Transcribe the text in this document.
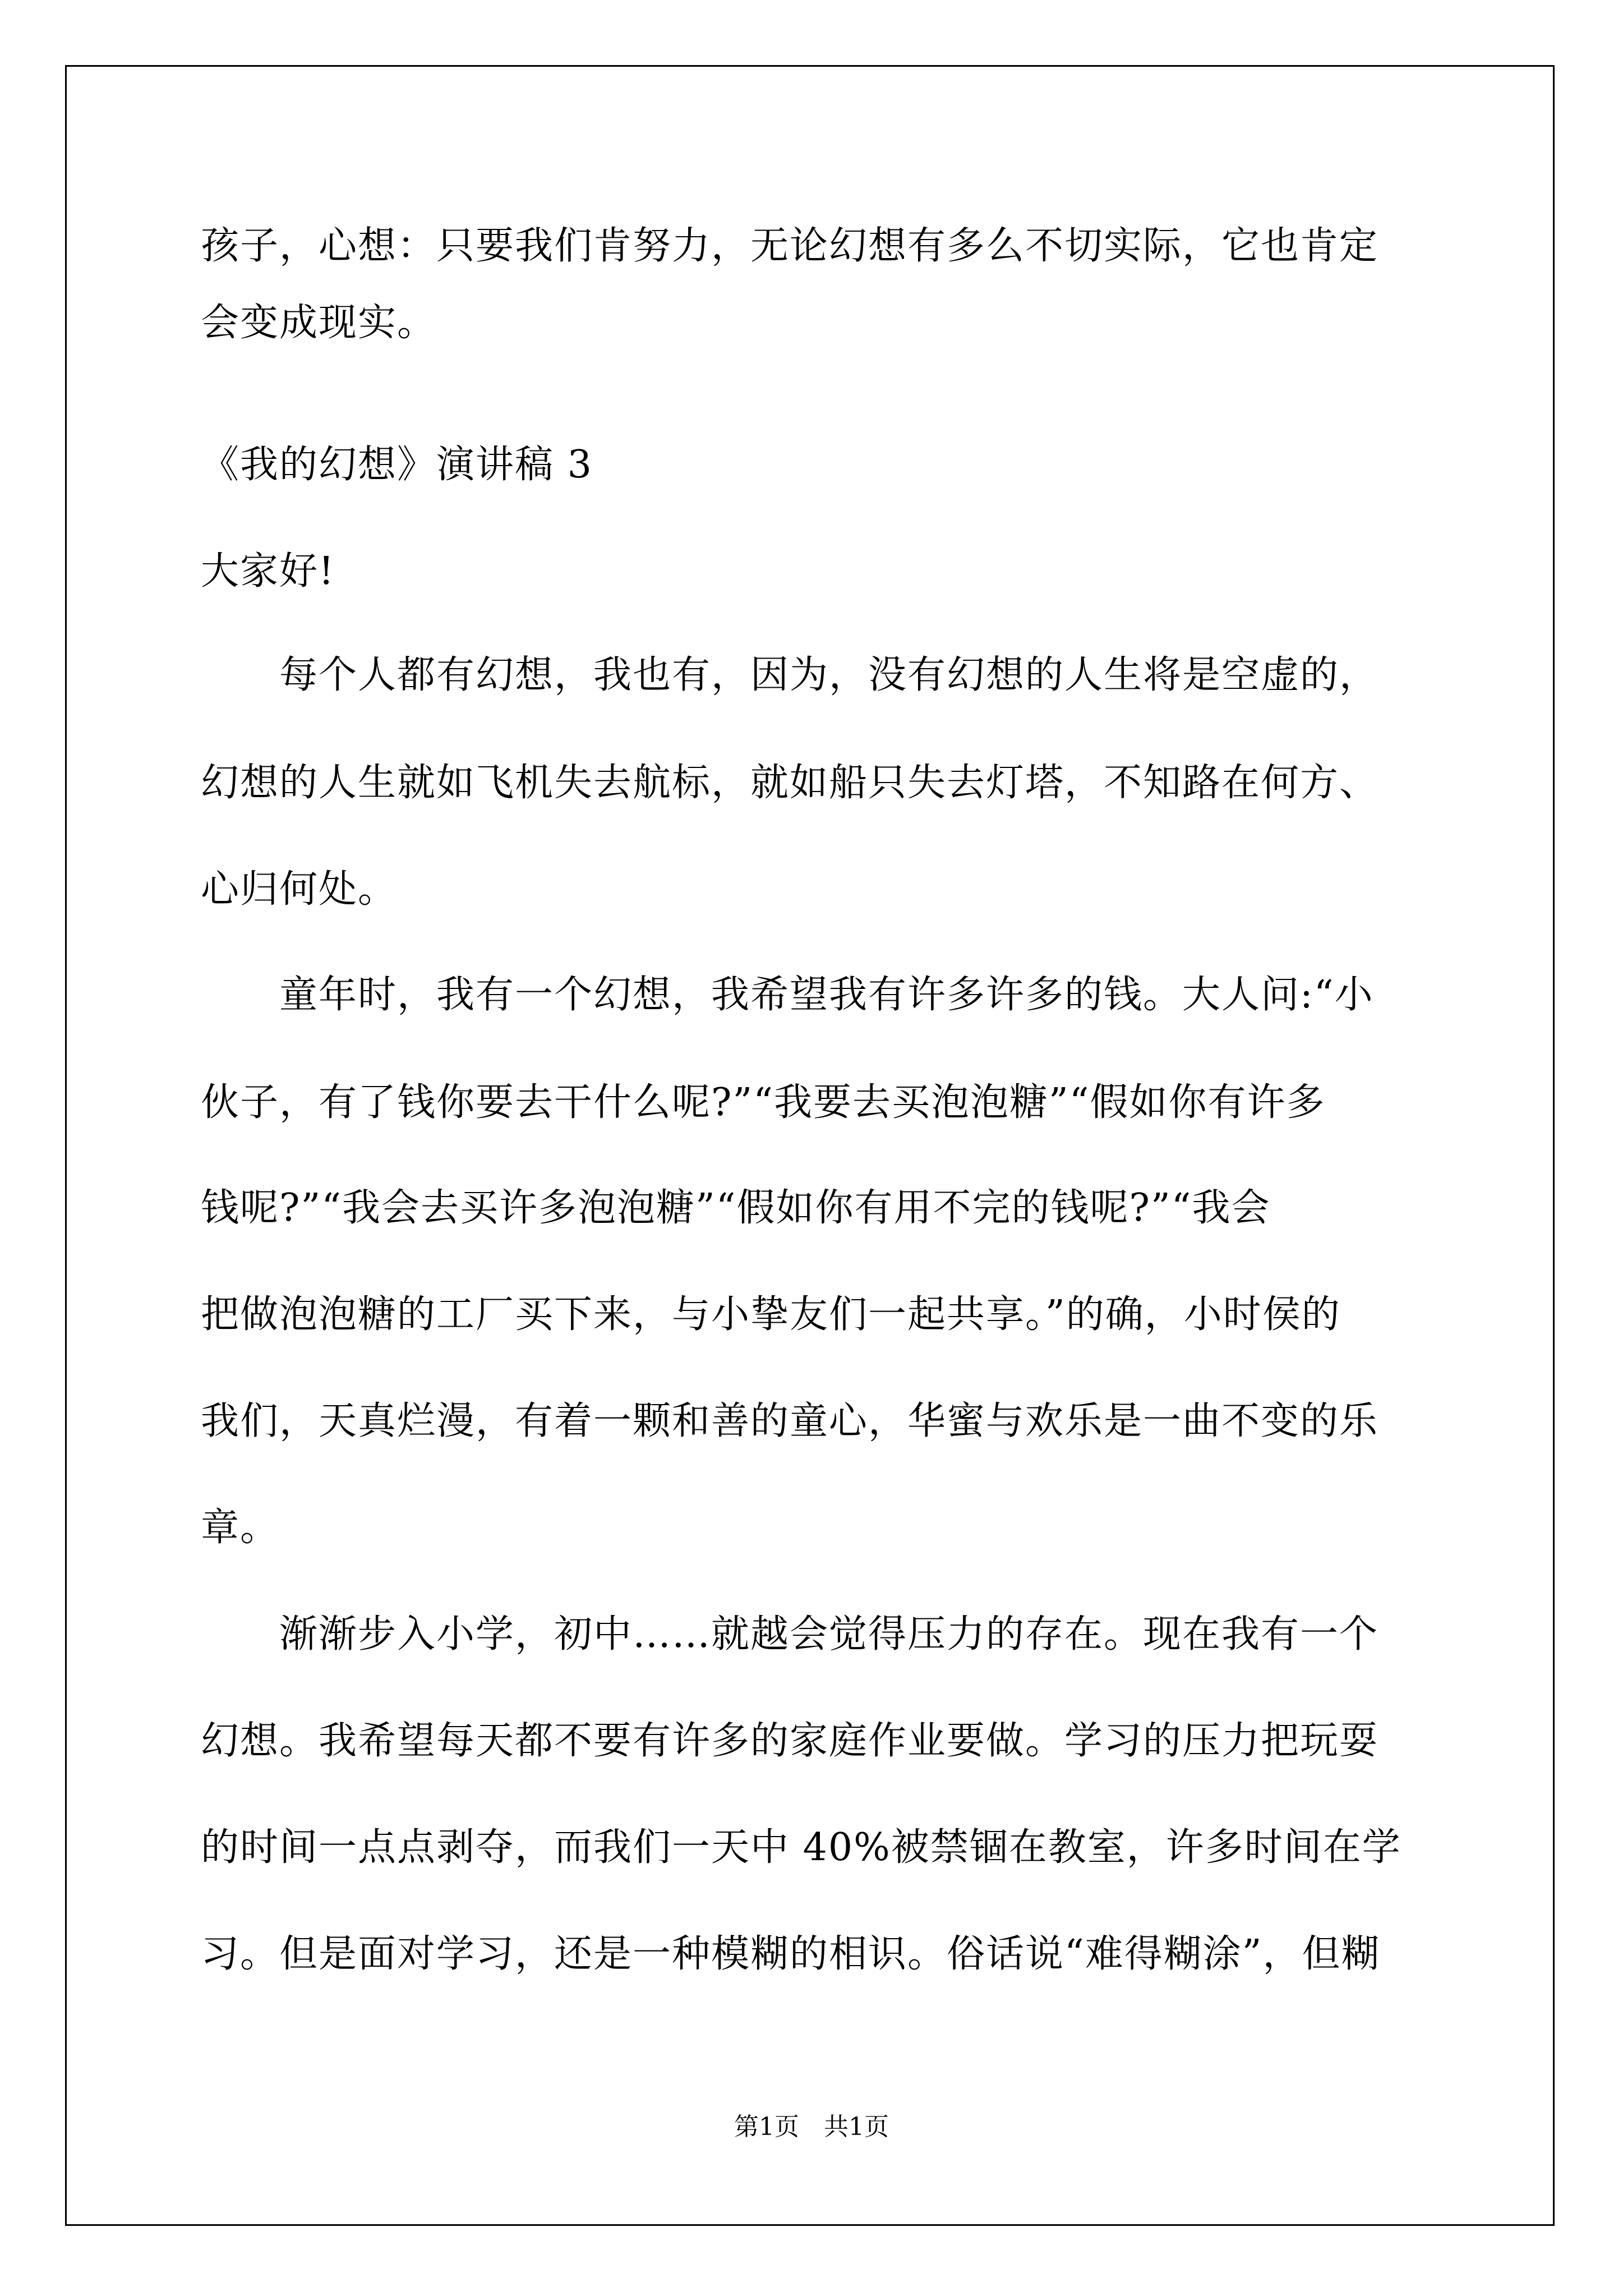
孩子，心想：只要我们肯努力，无论幻想有多么不切实际，它也肯定
会变成现实。
《我的幻想》演讲稿 3
大家好!
　　每个人都有幻想，我也有，因为，没有幻想的人生将是空虚的，
幻想的人生就如飞机失去航标，就如船只失去灯塔，不知路在何方、
心归何处。
　　童年时，我有一个幻想，我希望我有许多许多的钱。大人问:“小
伙子，有了钱你要去干什么呢?”“我要去买泡泡糖”“假如你有许多
钱呢?”“我会去买许多泡泡糖”“假如你有用不完的钱呢?”“我会
把做泡泡糖的工厂买下来，与小挚友们一起共享。”的确，小时侯的
我们，天真烂漫，有着一颗和善的童心，华蜜与欢乐是一曲不变的乐
章。
　　渐渐步入小学，初中……就越会觉得压力的存在。现在我有一个
幻想。我希望每天都不要有许多的家庭作业要做。学习的压力把玩耍
的时间一点点剥夺，而我们一天中 40%被禁锢在教室，许多时间在学
习。但是面对学习，还是一种模糊的相识。俗话说“难得糊涂”，但糊
第1页　共1页
